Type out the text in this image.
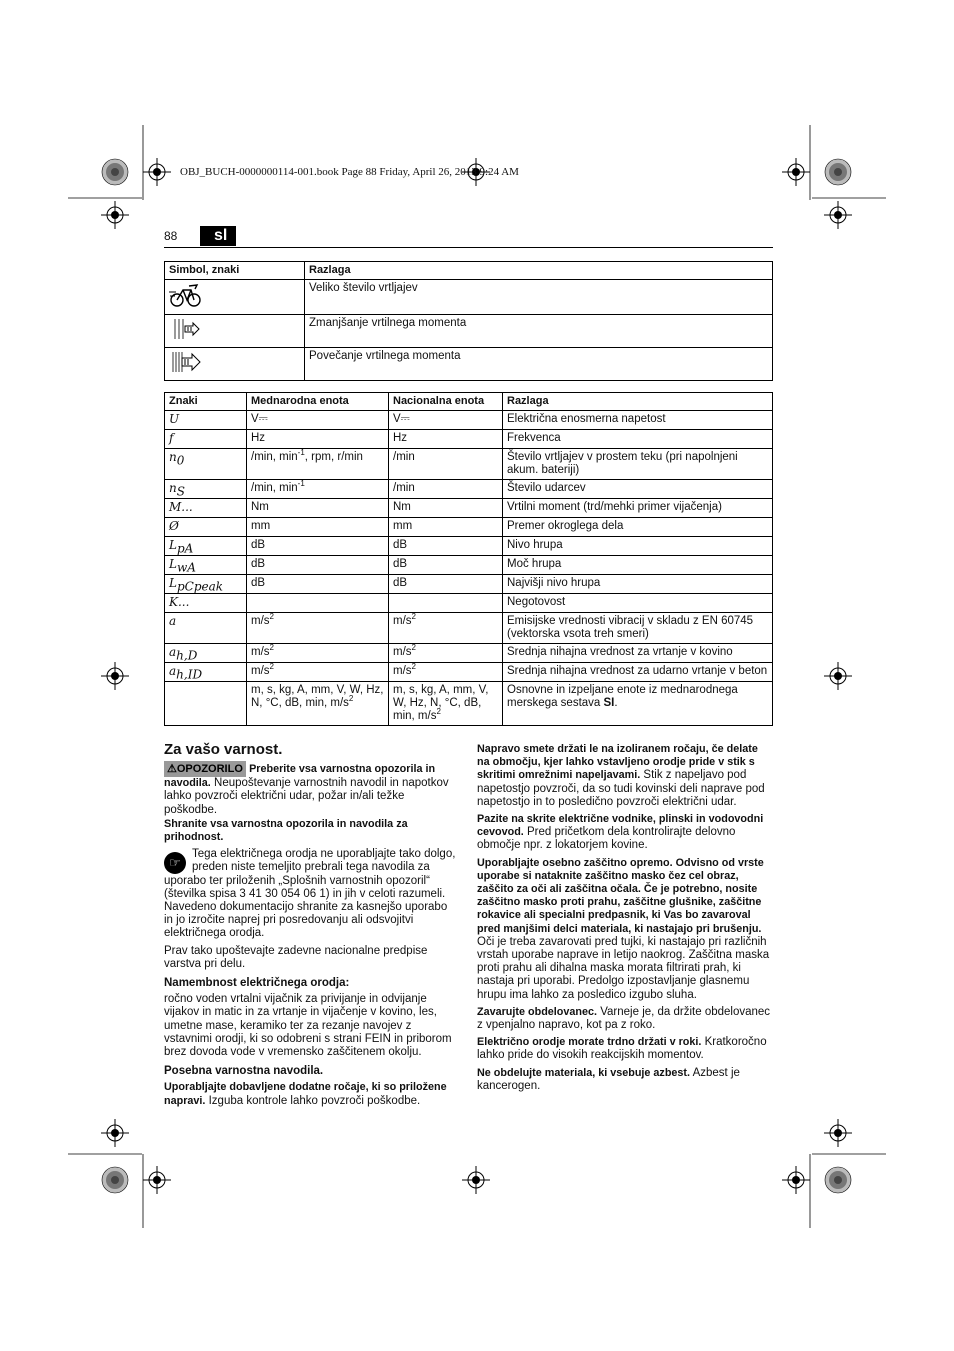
OBJ_BUCH-0000000114-001.book Page 88 Friday, April 26, 2013 9:24 AM
88	sl
Simbol, znaki	Razlaga
	Veliko število vrtljajev
	Zmanjšanje vrtilnega momenta
	Povečanje vrtilnega momenta
Znaki	Mednarodna enota	Nacionalna enota	Razlaga
U	V⎓	V⎓	Električna enosmerna napetost
f	Hz	Hz	Frekvenca
$n_0$	/min, $\min^{-1}$, rpm, r/min	/min	Število vrtljajev v prostem teku (pri napolnjeni akum. bateriji)
$n_S$	/min, $\min^{-1}$	/min	Število udarcev
M...	Nm	Nm	Vrtilni moment (trd/mehki primer vijačenja)
Ø	mm	mm	Premer okroglega dela
$L_{pA}$	dB	dB	Nivo hrupa
$L_{wA}$	dB	dB	Moč hrupa
$L_{pCpeak}$	dB	dB	Najvišji nivo hrupa
K...			Negotovost
a	$m/s^2$	$m/s^2$	Emisijske vrednosti vibracij v skladu z EN 60745 (vektorska vsota treh smeri)
$a_{h,D}$	$m/s^2$	$m/s^2$	Srednja nihajna vrednost za vrtanje v kovino
$a_{h,ID}$	$m/s^2$	$m/s^2$	Srednja nihajna vrednost za udarno vrtanje v beton
	m, s, kg, A, mm, V, W, Hz, N, °C, dB, min, $m/s^2$	m, s, kg, A, mm, V, W, Hz, N, °C, dB, min, $m/s^2$	Osnovne in izpeljane enote iz mednarodnega merskega sestava SI.
Za vašo varnost.
⚠OPOZORILO Preberite vsa varnostna opozorila in navodila. Neupoštevanje varnostnih navodil in napotkov lahko povzroči električni udar, požar in/ali težke poškodbe.

Shranite vsa varnostna opozorila in navodila za prihodnost.

☞
Tega električnega orodja ne uporabljajte tako dolgo, preden niste temeljito prebrali tega navodila za uporabo ter priloženih „Splošnih varnostnih opozoril“ (številka spisa 3 41 30 054 06 1) in jih v celoti razumeli. Navedeno dokumentacijo shranite za kasnejšo uporabo in jo izročite naprej pri posredovanju ali odsvojitvi električnega orodja.

Prav tako upoštevajte zadevne nacionalne predpise varstva pri delu.

Namembnost električnega orodja:

ročno voden vrtalni vijačnik za privijanje in odvijanje vijakov in matic in za vrtanje in vijačenje v kovino, les, umetne mase, keramiko ter za rezanje navojev z vstavnimi orodji, ki so odobreni s strani FEIN in priborom brez dovoda vode v vremensko zaščitenem okolju.

Posebna varnostna navodila.

Uporabljajte dobavljene dodatne ročaje, ki so priložene napravi. Izguba kontrole lahko povzroči poškodbe.

Napravo smete držati le na izoliranem ročaju, če delate na območju, kjer lahko vstavljeno orodje pride v stik s skritimi omrežnimi napeljavami. Stik z napeljavo pod napetostjo povzroči, da so tudi kovinski deli naprave pod napetostjo in to posledično povzroči električni udar.

Pazite na skrite električne vodnike, plinski in vodovodni cevovod. Pred pričetkom dela kontrolirajte delovno območje npr. z lokatorjem kovine.

Uporabljajte osebno zaščitno opremo. Odvisno od vrste uporabe si nataknite zaščitno masko čez cel obraz, zaščito za oči ali zaščitna očala. Če je potrebno, nosite zaščitno masko proti prahu, zaščitne glušnike, zaščitne rokavice ali specialni predpasnik, ki Vas bo zavaroval pred manjšimi delci materiala, ki nastajajo pri brušenju. Oči je treba zavarovati pred tujki, ki nastajajo pri različnih vrstah uporabe naprave in letijo naokrog. Zaščitna maska proti prahu ali dihalna maska morata filtrirati prah, ki nastaja pri uporabi. Predolgo izpostavljanje glasnemu hrupu ima lahko za posledico izgubo sluha.

Zavarujte obdelovanec. Varneje je, da držite obdelovanec z vpenjalno napravo, kot pa z roko.

Električno orodje morate trdno držati v roki. Kratkoročno lahko pride do visokih reakcijskih momentov.

Ne obdelujte materiala, ki vsebuje azbest. Azbest je kancerogen.
